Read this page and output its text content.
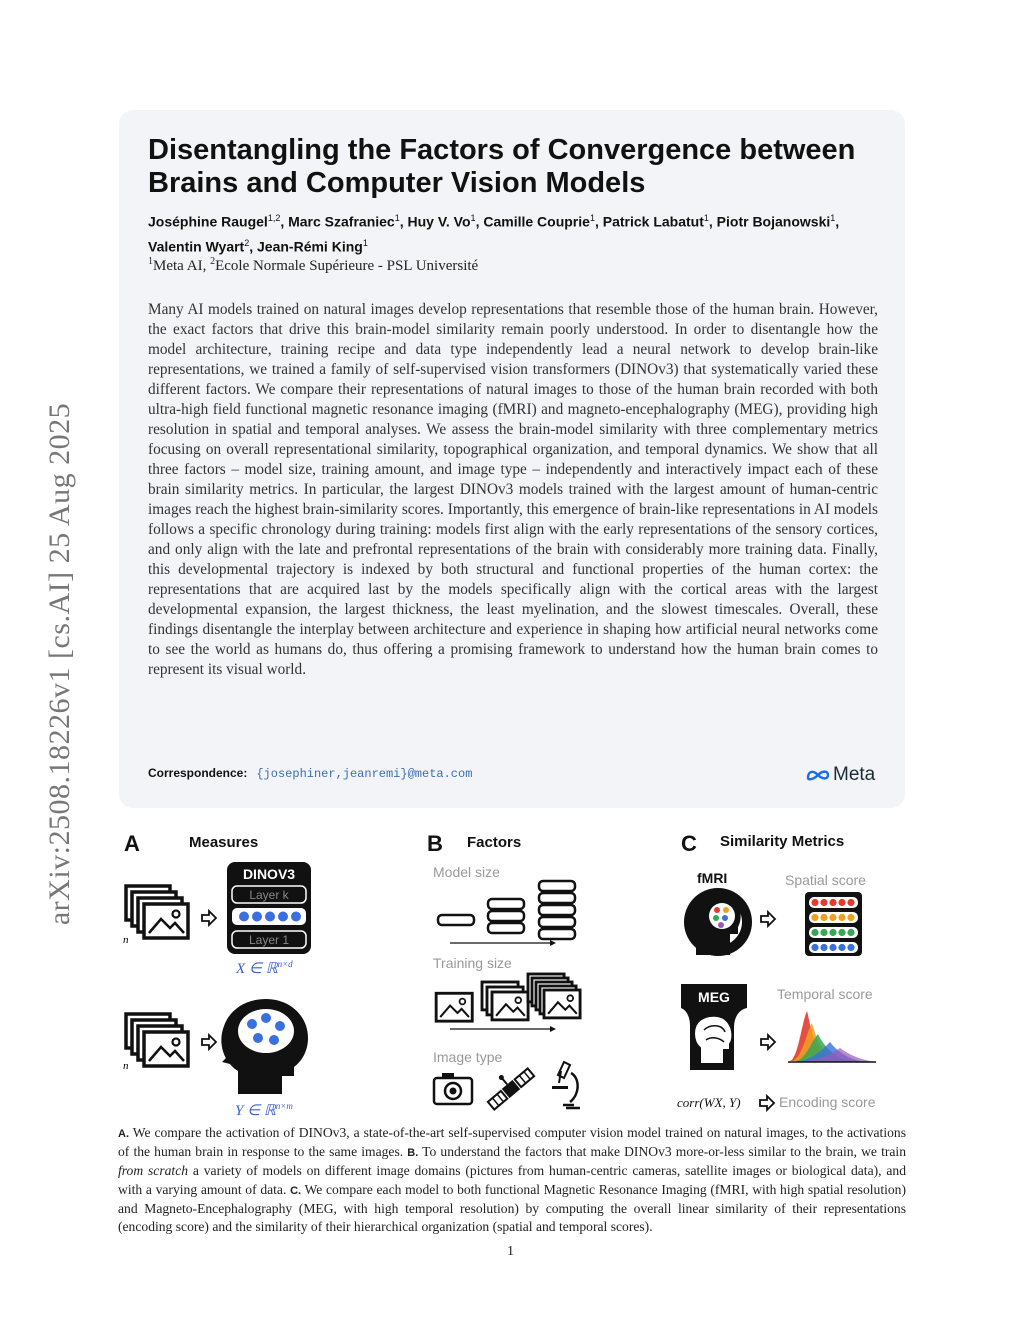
arXiv:2508.18226v1 [cs.AI] 25 Aug 2025
Disentangling the Factors of Convergence between Brains and Computer Vision Models
Joséphine Raugel$^{1,2}$, Marc Szafraniec$^1$, Huy V. Vo$^1$, Camille Couprie$^1$, Patrick Labatut$^1$, Piotr Bojanowski$^1$, Valentin Wyart$^2$, Jean-Rémi King$^1$
$^1$Meta AI, $^2$Ecole Normale Supérieure - PSL Université

Many AI models trained on natural images develop representations that resemble those of the human brain. However, the exact factors that drive this brain-model similarity remain poorly understood. In order to disentangle how the model architecture, training recipe and data type independently lead a neural network to develop brain-like representations, we trained a family of self-supervised vision transformers (DINOv3) that systematically varied these different factors. We compare their representations of natural images to those of the human brain recorded with both ultra-high field functional magnetic resonance imaging (fMRI) and magneto-encephalography (MEG), providing high resolution in spatial and temporal analyses. We assess the brain-model similarity with three complementary metrics focusing on overall representational similarity, topographical organization, and temporal dynamics. We show that all three factors – model size, training amount, and image type – independently and interactively impact each of these brain similarity metrics. In particular, the largest DINOv3 models trained with the largest amount of human-centric images reach the highest brain-similarity scores. Importantly, this emergence of brain-like representations in AI models follows a specific chronology during training: models first align with the early representations of the sensory cortices, and only align with the late and prefrontal representations of the brain with considerably more training data. Finally, this developmental trajectory is indexed by both structural and functional properties of the human cortex: the representations that are acquired last by the models specifically align with the cortical areas with the largest developmental expansion, the largest thickness, the least myelination, and the slowest timescales. Overall, these findings disentangle the interplay between architecture and experience in shaping how artificial neural networks come to see the world as humans do, thus offering a promising framework to understand how the human brain comes to represent its visual world.

Correspondence: {josephiner,jeanremi}@meta.com	Meta
A	Measures
n
DINOV3
Layer k
Layer 1
X ∈ ℝ$^{n\times d}$
n
Y ∈ ℝ$^{n\times m}$
B Factors
Model size
Training size
Image type
C Similarity Metrics
fMRI	Spatial score
MEG	Temporal score
corr(WX, Y)	Encoding score

A. We compare the activation of DINOv3, a state-of-the-art self-supervised computer vision model trained on natural images, to the activations of the human brain in response to the same images. B. To understand the factors that make DINOv3 more-or-less similar to the brain, we train from scratch a variety of models on different image domains (pictures from human-centric cameras, satellite images or biological data), and with a varying amount of data. C. We compare each model to both functional Magnetic Resonance Imaging (fMRI, with high spatial resolution) and Magneto-Encephalography (MEG, with high temporal resolution) by computing the overall linear similarity of their representations (encoding score) and the similarity of their hierarchical organization (spatial and temporal scores).

1
